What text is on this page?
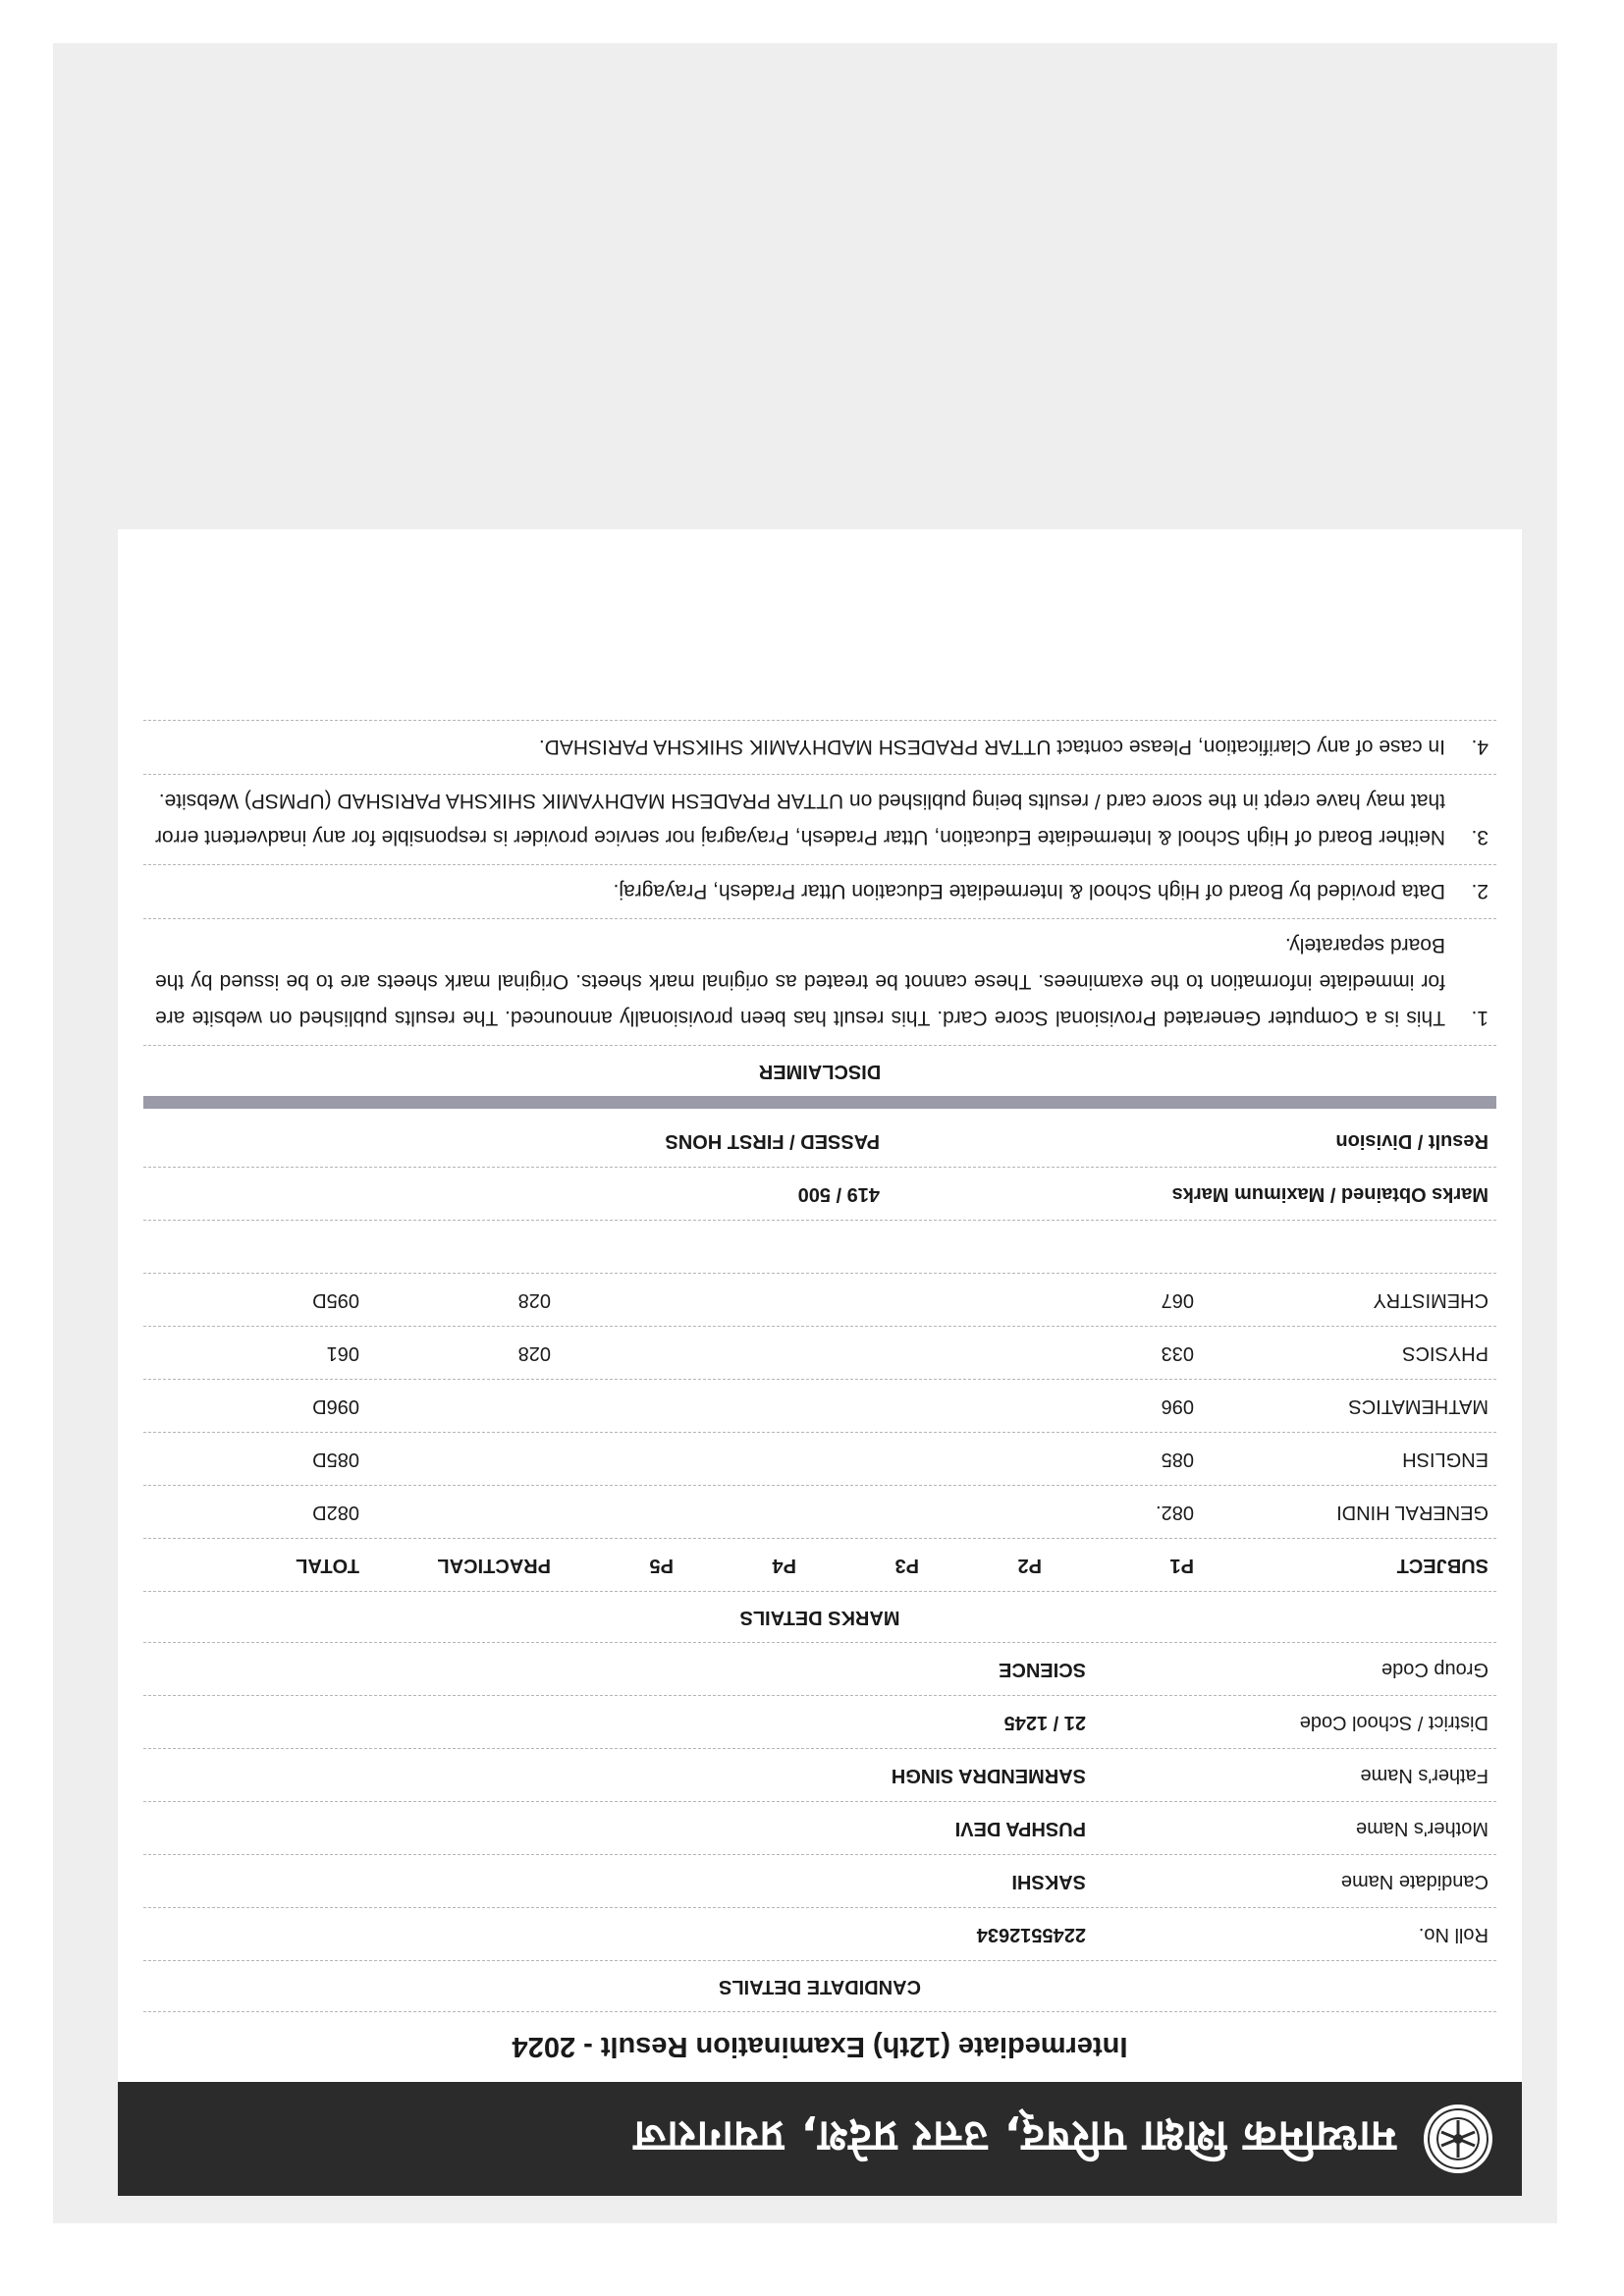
माध्यमिक शिक्षा परिषद्, उत्तर प्रदेश, प्रयागराज
Intermediate (12th) Examination Result - 2024
CANDIDATE DETAILS
Roll No.
2245512634
Candidate Name
SAKSHI
Mother's Name
PUSHPA DEVI
Father's Name
SARMENDRA SINGH
District / School Code
21 / 1245
Group Code
SCIENCE
MARKS DETAILS
SUBJECT
P1
P2
P3
P4
P5
PRACTICAL
TOTAL
GENERAL HINDI
082.
082D
ENGLISH
085
085D
MATHEMATICS
096
096D
PHYSICS
033
028
061
CHEMISTRY
067
028
095D
Marks Obtained / Maximum Marks
419 / 500
Result / Division
PASSED / FIRST HONS
DISCLAIMER
1.
This is a Computer Generated Provisional Score Card. This result has been provisionally announced. The results published on website are for immediate information to the examinees. These cannot be treated as original mark sheets. Original mark sheets are to be issued by the Board separately.
2.
Data provided by Board of High School & Intermediate Education Uttar Pradesh, Prayagraj.
3.
Neither Board of High School & Intermediate Education, Uttar Pradesh, Prayagraj nor service provider is responsible for any inadvertent error that may have crept in the score card / results being published on UTTAR PRADESH MADHYAMIK SHIKSHA PARISHAD (UPMSP) Website.
4.
In case of any Clarification, Please contact UTTAR PRADESH MADHYAMIK SHIKSHA PARISHAD.
